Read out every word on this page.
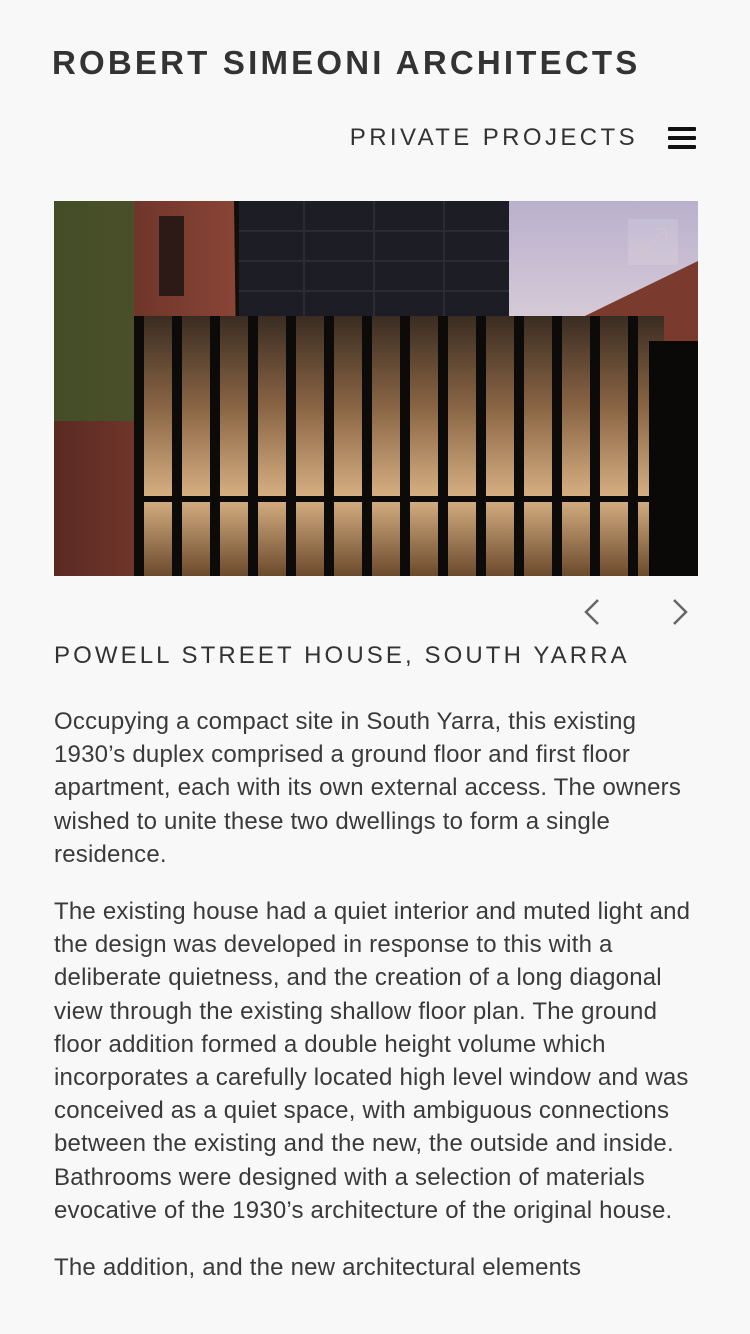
ROBERT SIMEONI ARCHITECTS
PRIVATE PROJECTS
POWELL STREET HOUSE, SOUTH YARRA

Occupying a compact site in South Yarra, this existing 1930’s duplex comprised a ground floor and first floor apartment, each with its own external access. The owners wished to unite these two dwellings to form a single residence.

The existing house had a quiet interior and muted light and the design was developed in response to this with a deliberate quietness, and the creation of a long diagonal view through the existing shallow floor plan. The ground floor addition formed a double height volume which incorporates a carefully located high level window and was conceived as a quiet space, with ambiguous connections between the existing and the new, the outside and inside. Bathrooms were designed with a selection of materials evocative of the 1930’s architecture of the original house.

The addition, and the new architectural elements
